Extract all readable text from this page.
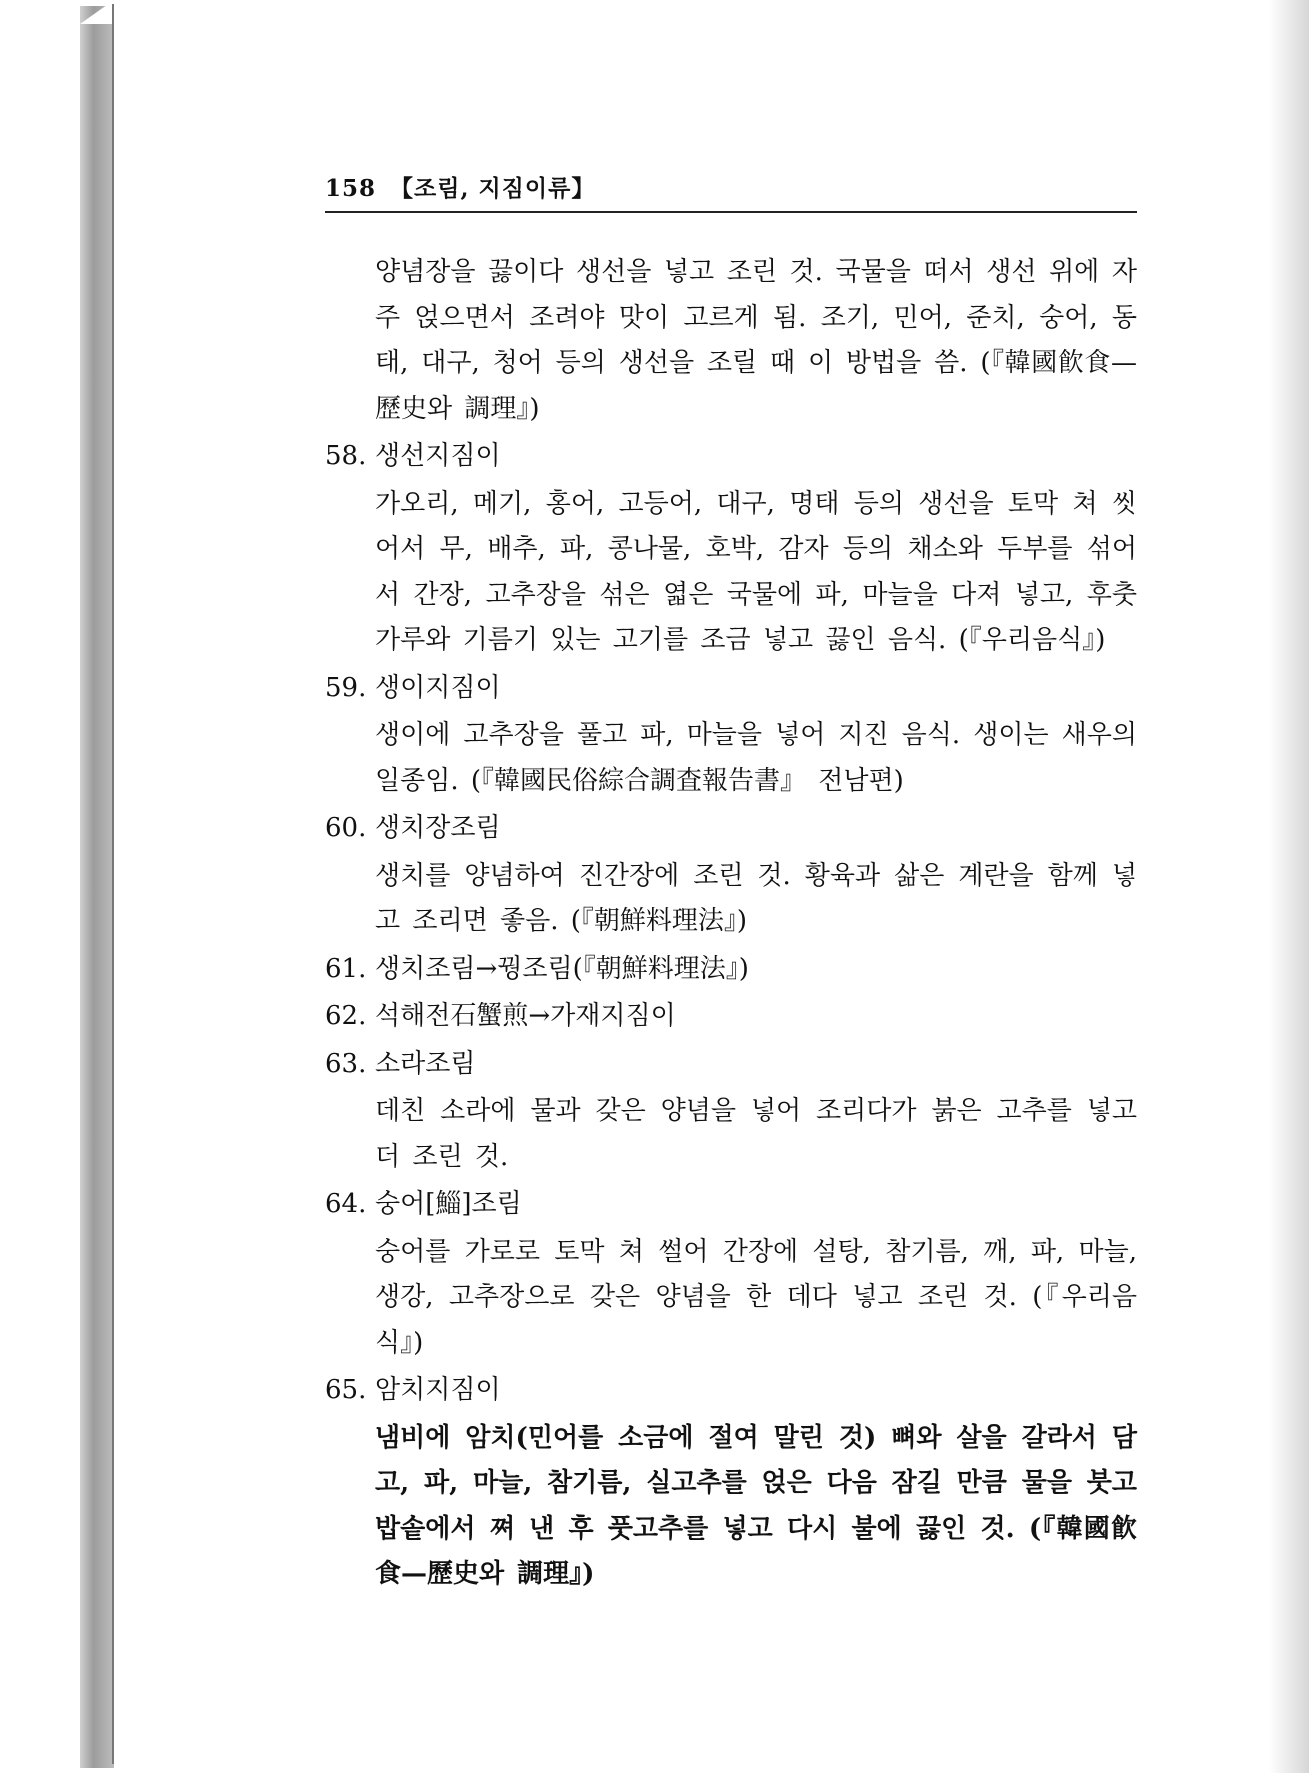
158 【조림, 지짐이류】

양념장을 끓이다 생선을 넣고 조린 것. 국물을 떠서 생선 위에 자주 얹으면서 조려야 맛이 고르게 됨. 조기, 민어, 준치, 숭어, 동태, 대구, 청어 등의 생선을 조릴 때 이 방법을 씀. (『韓國飮食—歷史와 調理』)

58. 생선지짐이

가오리, 메기, 홍어, 고등어, 대구, 명태 등의 생선을 토막 쳐 씻어서 무, 배추, 파, 콩나물, 호박, 감자 등의 채소와 두부를 섞어서 간장, 고추장을 섞은 엷은 국물에 파, 마늘을 다져 넣고, 후춧가루와 기름기 있는 고기를 조금 넣고 끓인 음식. (『우리음식』)

59. 생이지짐이

생이에 고추장을 풀고 파, 마늘을 넣어 지진 음식. 생이는 새우의 일종임. (『韓國民俗綜合調査報告書』 전남편)

60. 생치장조림

생치를 양념하여 진간장에 조린 것. 황육과 삶은 계란을 함께 넣고 조리면 좋음. (『朝鮮料理法』)

61. 생치조림→꿩조림(『朝鮮料理法』)
62. 석해전石蟹煎→가재지짐이
63. 소라조림

데친 소라에 물과 갖은 양념을 넣어 조리다가 붉은 고추를 넣고 더 조린 것.

64. 숭어[鯔]조림

숭어를 가로로 토막 쳐 썰어 간장에 설탕, 참기름, 깨, 파, 마늘, 생강, 고추장으로 갖은 양념을 한 데다 넣고 조린 것. (『우리음식』)

65. 암치지짐이

냄비에 암치(민어를 소금에 절여 말린 것) 뼈와 살을 갈라서 담고, 파, 마늘, 참기름, 실고추를 얹은 다음 잠길 만큼 물을 붓고 밥솥에서 쪄 낸 후 풋고추를 넣고 다시 불에 끓인 것. (『韓國飮食—歷史와 調理』)
